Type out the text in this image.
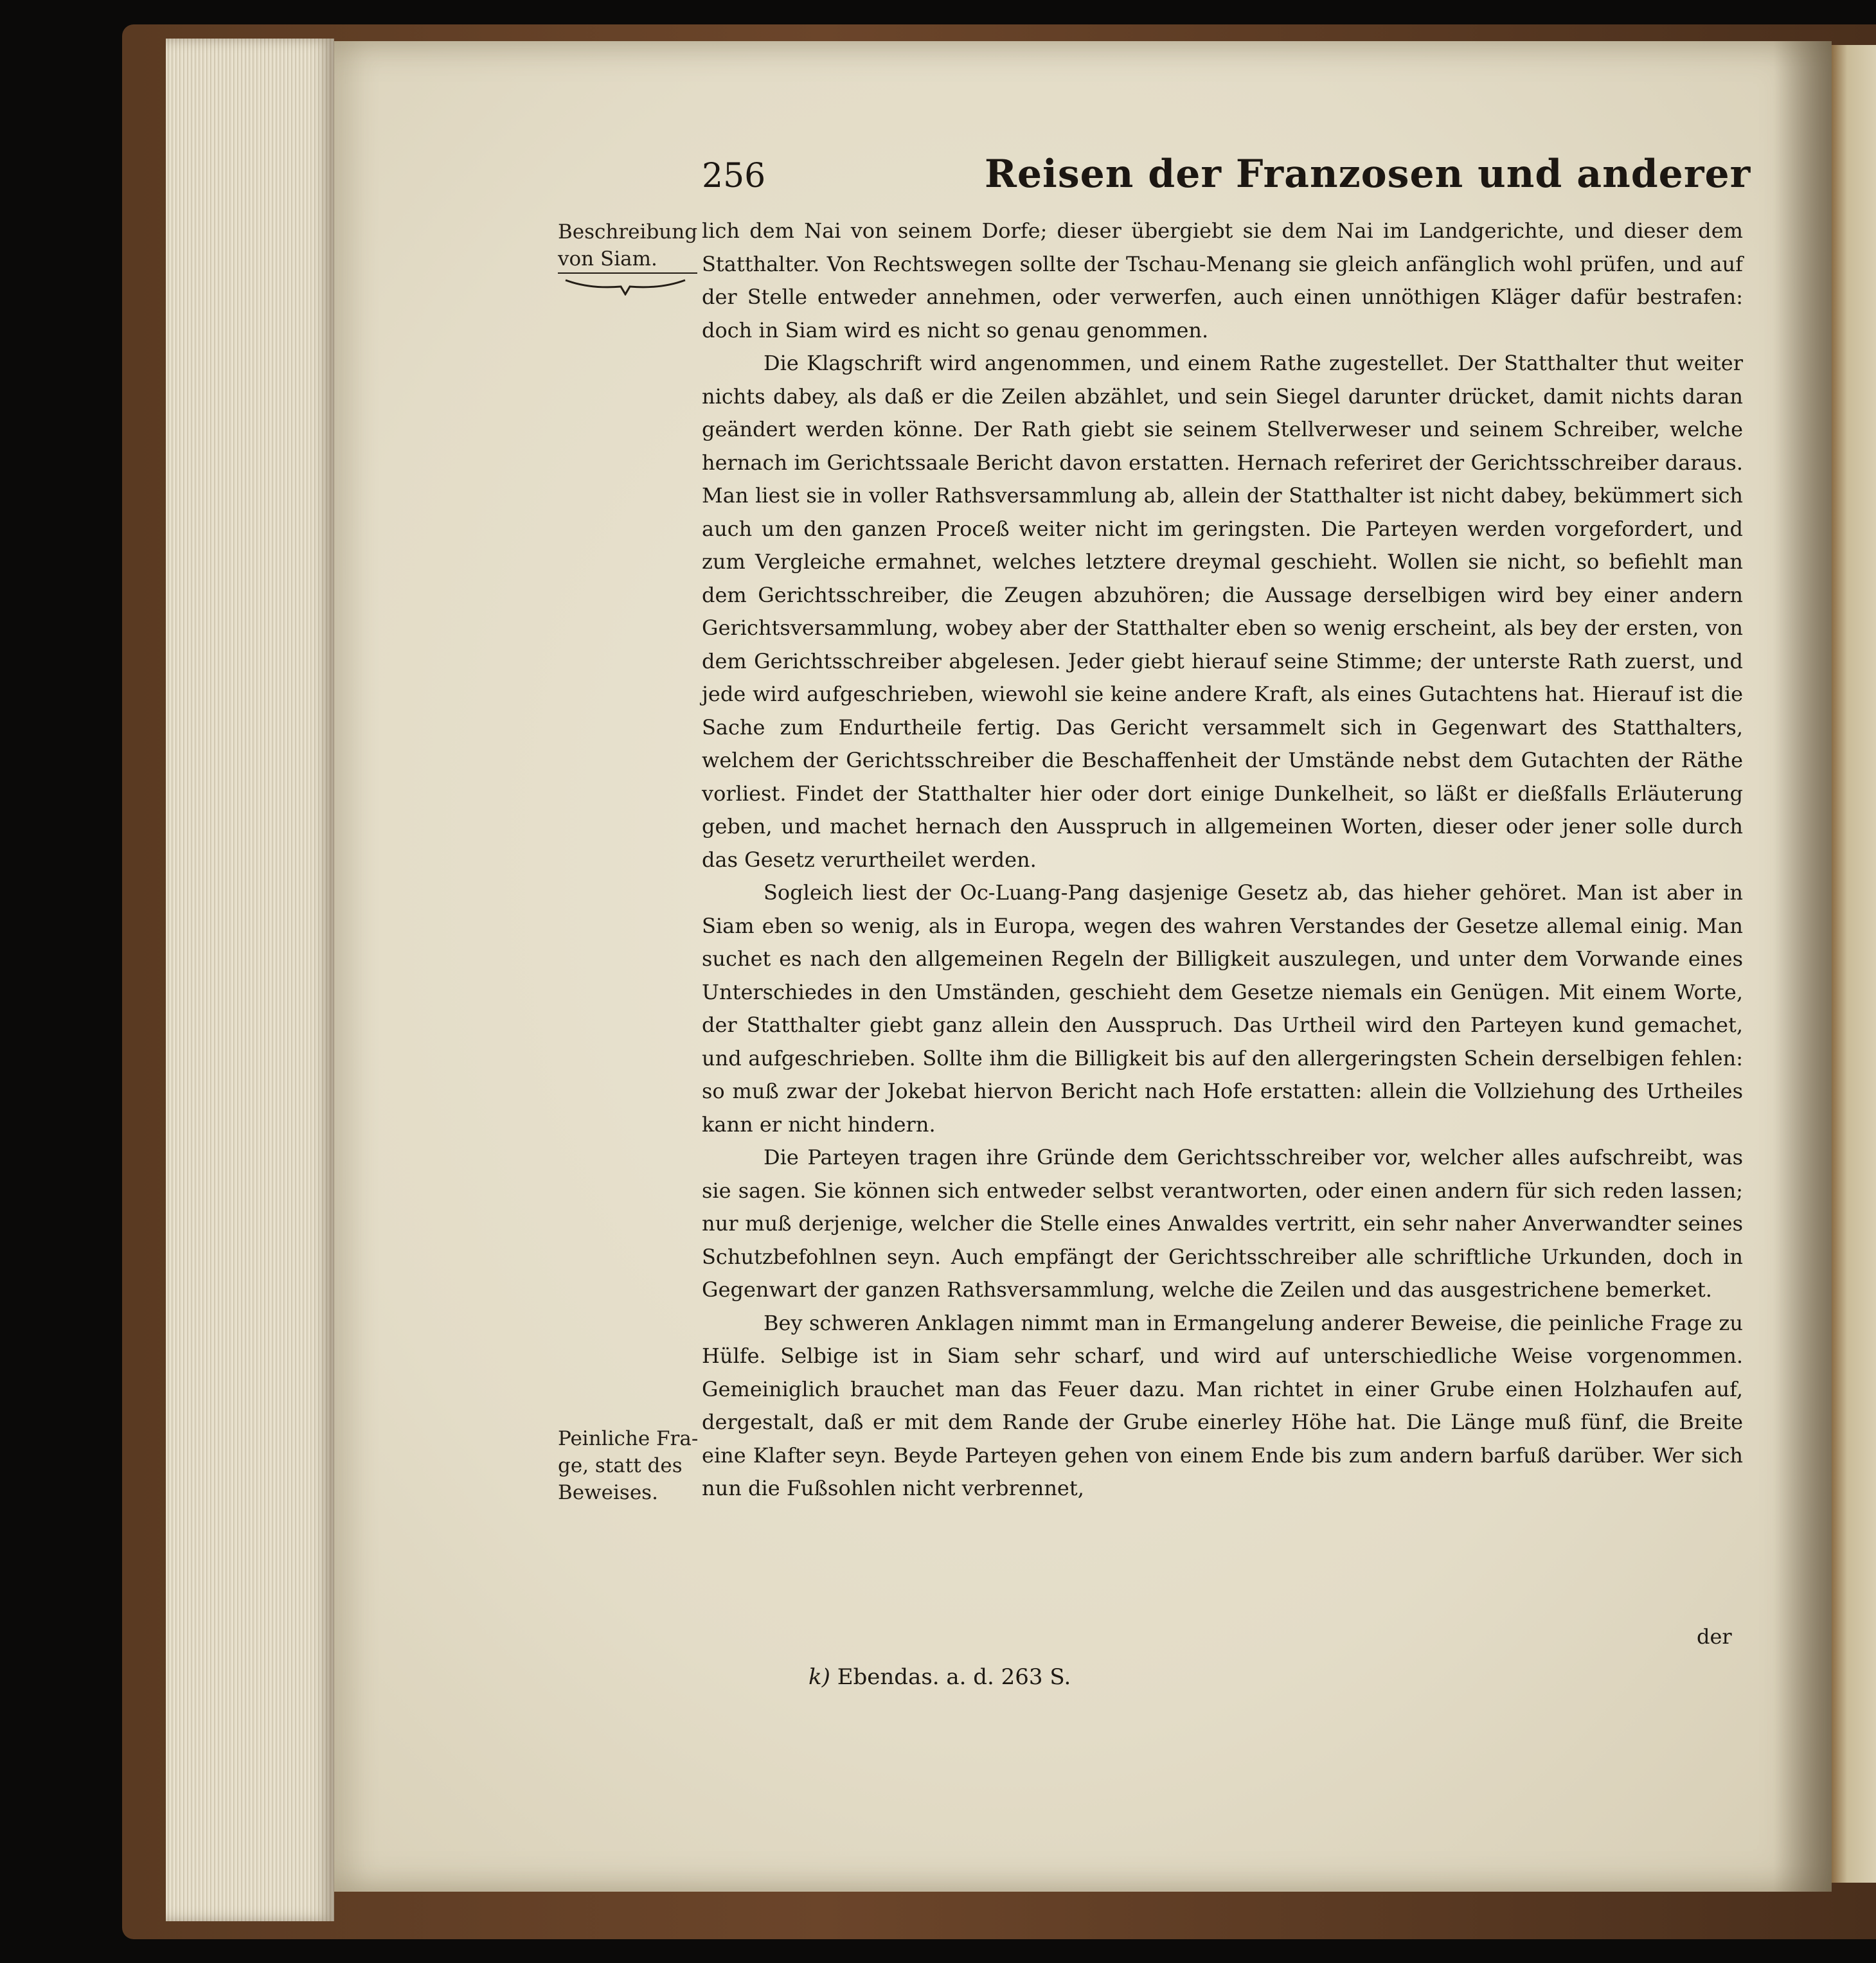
256	Reisen der Franzosen und anderer
Beschreibung
von Siam.
Peinliche Fra-
ge, statt des
Beweises.

lich dem Nai von seinem Dorfe; dieser übergiebt sie dem Nai im Landgerichte, und dieser dem Statthalter. Von Rechtswegen sollte der Tschau-Menang sie gleich anfänglich wohl prüfen, und auf der Stelle entweder annehmen, oder verwerfen, auch einen unnöthigen Kläger dafür bestrafen: doch in Siam wird es nicht so genau genommen.

Die Klagschrift wird angenommen, und einem Rathe zugestellet. Der Statthalter thut weiter nichts dabey, als daß er die Zeilen abzählet, und sein Siegel darunter drücket, damit nichts daran geändert werden könne. Der Rath giebt sie seinem Stellverweser und seinem Schreiber, welche hernach im Gerichtssaale Bericht davon erstatten. Hernach referiret der Gerichtsschreiber daraus. Man liest sie in voller Rathsversammlung ab, allein der Statthalter ist nicht dabey, bekümmert sich auch um den ganzen Proceß weiter nicht im geringsten. Die Parteyen werden vorgefordert, und zum Vergleiche ermahnet, welches letztere dreymal geschieht. Wollen sie nicht, so befiehlt man dem Gerichtsschreiber, die Zeugen abzuhören; die Aussage derselbigen wird bey einer andern Gerichtsversammlung, wobey aber der Statthalter eben so wenig erscheint, als bey der ersten, von dem Gerichtsschreiber abgelesen. Jeder giebt hierauf seine Stimme; der unterste Rath zuerst, und jede wird aufgeschrieben, wiewohl sie keine andere Kraft, als eines Gutachtens hat. Hierauf ist die Sache zum Endurtheile fertig. Das Gericht versammelt sich in Gegenwart des Statthalters, welchem der Gerichtsschreiber die Beschaffenheit der Umstände nebst dem Gutachten der Räthe vorliest. Findet der Statthalter hier oder dort einige Dunkelheit, so läßt er dießfalls Erläuterung geben, und machet hernach den Ausspruch in allgemeinen Worten, dieser oder jener solle durch das Gesetz verurtheilet werden.

Sogleich liest der Oc-Luang-Pang dasjenige Gesetz ab, das hieher gehöret. Man ist aber in Siam eben so wenig, als in Europa, wegen des wahren Verstandes der Gesetze allemal einig. Man suchet es nach den allgemeinen Regeln der Billigkeit auszulegen, und unter dem Vorwande eines Unterschiedes in den Umständen, geschieht dem Gesetze niemals ein Genügen. Mit einem Worte, der Statthalter giebt ganz allein den Ausspruch. Das Urtheil wird den Parteyen kund gemachet, und aufgeschrieben. Sollte ihm die Billigkeit bis auf den allergeringsten Schein derselbigen fehlen: so muß zwar der Jokebat hiervon Bericht nach Hofe erstatten: allein die Vollziehung des Urtheiles kann er nicht hindern.

Die Parteyen tragen ihre Gründe dem Gerichtsschreiber vor, welcher alles aufschreibt, was sie sagen. Sie können sich entweder selbst verantworten, oder einen andern für sich reden lassen; nur muß derjenige, welcher die Stelle eines Anwaldes vertritt, ein sehr naher Anverwandter seines Schutzbefohlnen seyn. Auch empfängt der Gerichtsschreiber alle schriftliche Urkunden, doch in Gegenwart der ganzen Rathsversammlung, welche die Zeilen und das ausgestrichene bemerket.

Bey schweren Anklagen nimmt man in Ermangelung anderer Beweise, die peinliche Frage zu Hülfe. Selbige ist in Siam sehr scharf, und wird auf unterschiedliche Weise vorgenommen. Gemeiniglich brauchet man das Feuer dazu. Man richtet in einer Grube einen Holzhaufen auf, dergestalt, daß er mit dem Rande der Grube einerley Höhe hat. Die Länge muß fünf, die Breite eine Klafter seyn. Beyde Parteyen gehen von einem Ende bis zum andern barfuß darüber. Wer sich nun die Fußsohlen nicht verbrennet,

der
k) Ebendas. a. d. 263 S.
